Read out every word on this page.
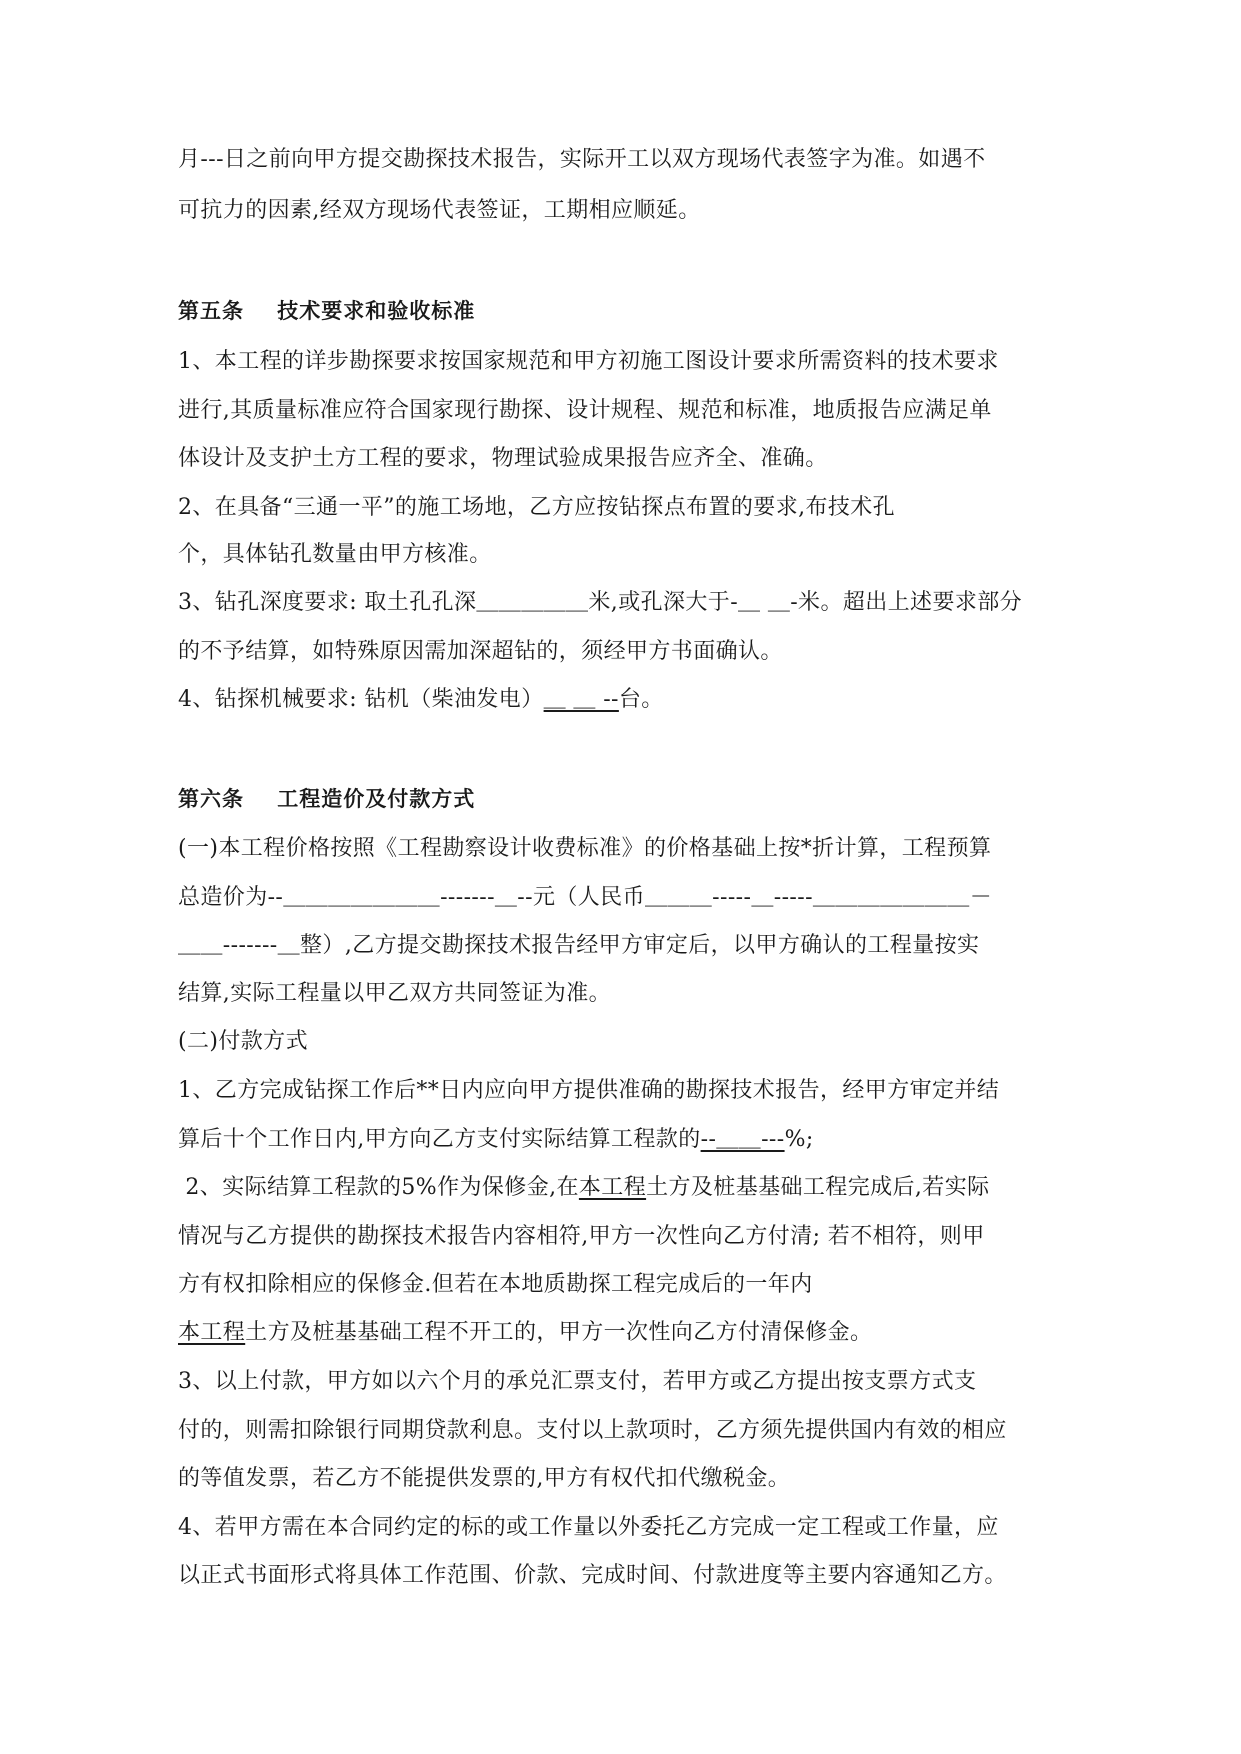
月---日之前向甲方提交勘探技术报告，实际开工以双方现场代表签字为准。如遇不
可抗力的因素,经双方现场代表签证，工期相应顺延。
第五条    技术要求和验收标准
1、本工程的详步勘探要求按国家规范和甲方初施工图设计要求所需资料的技术要求
进行,其质量标准应符合国家现行勘探、设计规程、规范和标准，地质报告应满足单
体设计及支护土方工程的要求，物理试验成果报告应齐全、准确。
2、在具备“三通一平”的施工场地，乙方应按钻探点布置的要求,布技术孔
个，具体钻孔数量由甲方核准。
3、钻孔深度要求: 取土孔孔深＿＿＿＿＿米,或孔深大于-＿ ＿-米。超出上述要求部分
的不予结算，如特殊原因需加深超钻的，须经甲方书面确认。
4、钻探机械要求: 钻机（柴油发电）＿ ＿ --台。
第六条    工程造价及付款方式
(一)本工程价格按照《工程勘察设计收费标准》的价格基础上按*折计算，工程预算
总造价为--＿＿＿＿＿＿＿-------＿--元（人民币＿＿＿-----＿-----＿＿＿＿＿＿＿－
＿＿-------＿整）,乙方提交勘探技术报告经甲方审定后，以甲方确认的工程量按实
结算,实际工程量以甲乙双方共同签证为准。
(二)付款方式
1、乙方完成钻探工作后**日内应向甲方提供准确的勘探技术报告，经甲方审定并结
算后十个工作日内,甲方向乙方支付实际结算工程款的--＿＿---%;
2、实际结算工程款的5%作为保修金,在本工程土方及桩基基础工程完成后,若实际
情况与乙方提供的勘探技术报告内容相符,甲方一次性向乙方付清; 若不相符，则甲
方有权扣除相应的保修金.但若在本地质勘探工程完成后的一年内
本工程土方及桩基基础工程不开工的，甲方一次性向乙方付清保修金。
3、以上付款，甲方如以六个月的承兑汇票支付，若甲方或乙方提出按支票方式支
付的，则需扣除银行同期贷款利息。支付以上款项时，乙方须先提供国内有效的相应
的等值发票，若乙方不能提供发票的,甲方有权代扣代缴税金。
4、若甲方需在本合同约定的标的或工作量以外委托乙方完成一定工程或工作量，应
以正式书面形式将具体工作范围、价款、完成时间、付款进度等主要内容通知乙方。
